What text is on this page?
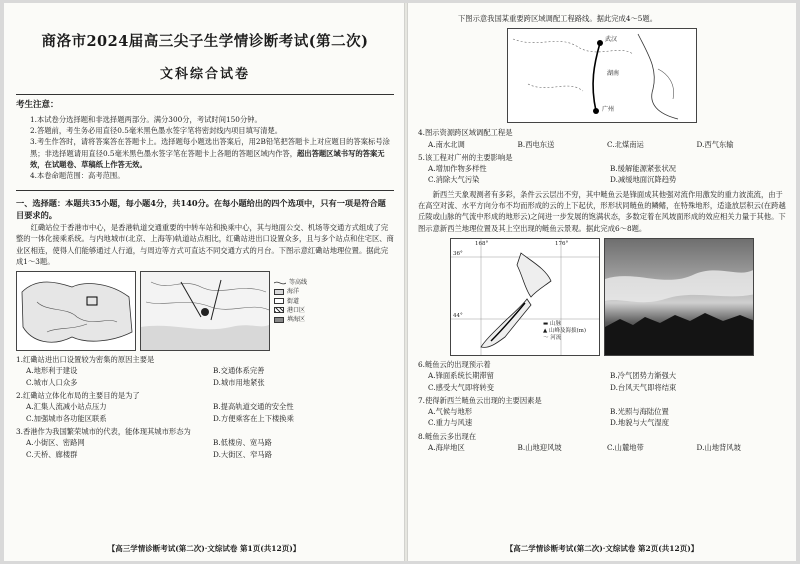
商洛市2024届高三尖子生学情诊断考试(第二次)
文科综合试卷
考生注意：

1.本试卷分选择题和非选择题两部分。满分300分，考试时间150分钟。

2.答题前，考生务必用直径0.5毫米黑色墨水签字笔将密封线内项目填写清楚。

3.考生作答时，请将答案答在答题卡上。选择题每小题选出答案后，用2B铅笔把答题卡上对应题目的答案标号涂黑；非选择题请用直径0.5毫米黑色墨水签字笔在答题卡上各题的答题区域内作答，超出答题区域书写的答案无效，在试题卷、草稿纸上作答无效。

4.本卷命题范围：高考范围。

一、选择题：本题共35小题，每小题4分，共140分。在每小题给出的四个选项中，只有一项是符合题目要求的。
红磡站位于香港市中心，是香港轨道交通重要的中转车站和换乘中心，其与地面公交、机场等交通方式组成了完整的一体化接乘系统。与内地城市(北京、上海等)轨道站点相比，红磡站进出口设置众多，且与多个站点和住宅区、商业区相连，使得人们能够通过人行道，与周边等方式可直达不同交通方式的月台。下图示意红磡站地理位置。据此完成1～3题。
等高线
海洋
街道
港口区
填海区
1.红磡站进出口设置较为密集的原因主要是
A.地形利于建设	B.交通体系完善
C.城市人口众多	D.城市用地紧张
2.红磡站立体化布局的主要目的是为了
A.汇集人流减小站点压力	B.提高轨道交通的安全性
C.加强城市各功能区联系	D.方便乘客在上下楼换乘
3.香港作为我国繁荣城市的代表，能体现其城市形态为
A.小街区、密路网	B.低楼房、宽马路
C.天桥、廊楼群	D.大街区、窄马路
【高三学情诊断考试(第二次)·文综试卷 第1页(共12页)】
下图示意我国某重要跨区域调配工程路线。据此完成4～5题。
武汉
湖南
广州
4.图示资源跨区域调配工程是
A.南水北调	B.西电东送	C.北煤南运	D.西气东输
5.该工程对广州的主要影响是
A.增加作物多样性	B.缓解能源紧张状况
C.消除大气污染	D.减缓地面沉降趋势
新西兰天象观测者有多彩，条件云云层出不穷，其中鲢鱼云是锋面成其他强对流作用激发的重力波流流，由于在高空对流、水平方向分布不均而形成的云的上下起伏，形形状同鲢鱼的鳞鳍，在特殊地形，适逢放层积云(在跨越丘陵或山脉的气流中形成的地形云)之间进一步发展的饱满状态，多数定着在风坡面形成的效应相关力量于其他。下图示意新西兰地理位置及其上空出现的鲢鱼云景观。据此完成6～8题。
168°	176°
36°
44°
▬ 山脉
▲ 山峰及海拔(m)
～ 河流
6.鲢鱼云的出现预示着
A.锋面系统长期滞留	B.冷气团势力渐强大
C.感受大气即将转变	D.台风天气即将结束
7.使得新西兰鲢鱼云出现的主要因素是
A.气候与地形	B.光照与海陆位置
C.重力与风速	D.地貌与大气湿度
8.鲢鱼云多出现在
A.海岸地区	B.山地迎风坡	C.山麓地带	D.山地背风坡
【高二学情诊断考试(第二次)·文综试卷 第2页(共12页)】
